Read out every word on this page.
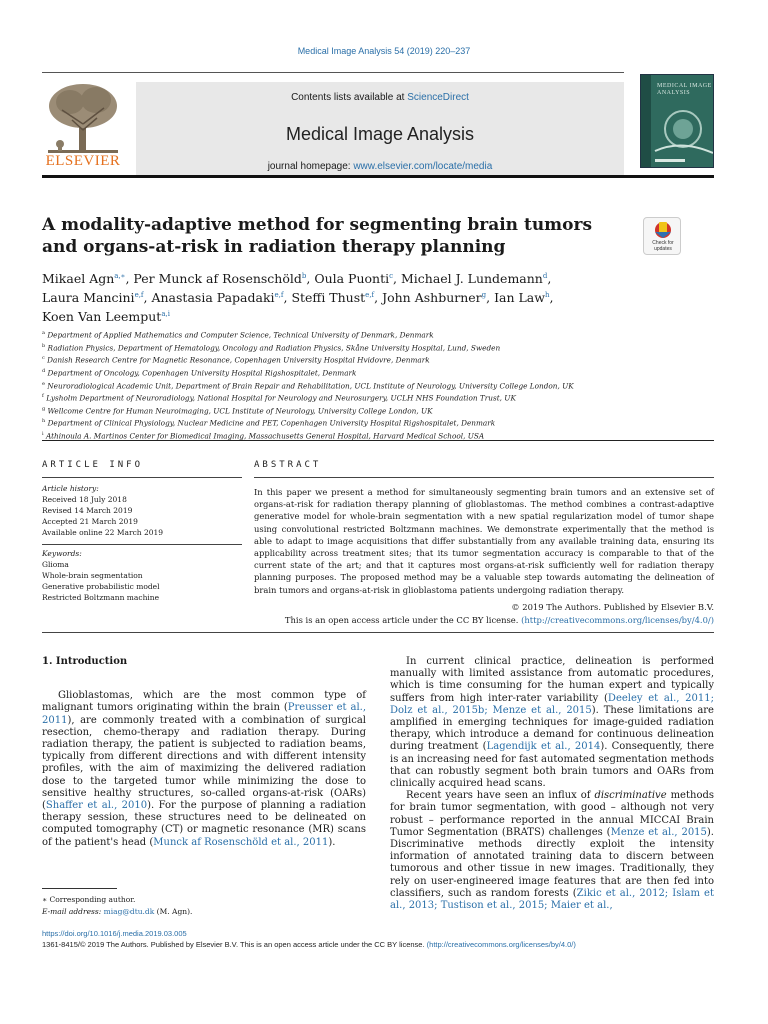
Medical Image Analysis 54 (2019) 220–237
ELSEVIER
Contents lists available at ScienceDirect
Medical Image Analysis
journal homepage: www.elsevier.com/locate/media
MEDICAL IMAGE ANALYSIS
A modality-adaptive method for segmenting brain tumors and organs-at-risk in radiation therapy planning	Check for updates
Mikael Agn$^{a,∗}$, Per Munck af Rosenschöld$^b$, Oula Puonti$^c$, Michael J. Lundemann$^d$,
Laura Mancini$^{e,f}$, Anastasia Papadaki$^{e,f}$, Steffi Thust$^{e,f}$, John Ashburner$^g$, Ian Law$^h$,
Koen Van Leemput$^{a,i}$
$^a$ Department of Applied Mathematics and Computer Science, Technical University of Denmark, Denmark
$^b$ Radiation Physics, Department of Hematology, Oncology and Radiation Physics, Skåne University Hospital, Lund, Sweden
$^c$ Danish Research Centre for Magnetic Resonance, Copenhagen University Hospital Hvidovre, Denmark
$^d$ Department of Oncology, Copenhagen University Hospital Rigshospitalet, Denmark
$^e$ Neuroradiological Academic Unit, Department of Brain Repair and Rehabilitation, UCL Institute of Neurology, University College London, UK
$^f$ Lysholm Department of Neuroradiology, National Hospital for Neurology and Neurosurgery, UCLH NHS Foundation Trust, UK
$^g$ Wellcome Centre for Human Neuroimaging, UCL Institute of Neurology, University College London, UK
$^h$ Department of Clinical Physiology, Nuclear Medicine and PET, Copenhagen University Hospital Rigshospitalet, Denmark
$^i$ Athinoula A. Martinos Center for Biomedical Imaging, Massachusetts General Hospital, Harvard Medical School, USA
ARTICLE INFO
Article history:
Received 18 July 2018
Revised 14 March 2019
Accepted 21 March 2019
Available online 22 March 2019
Keywords:
Glioma
Whole-brain segmentation
Generative probabilistic model
Restricted Boltzmann machine
ABSTRACT
In this paper we present a method for simultaneously segmenting brain tumors and an extensive set of organs-at-risk for radiation therapy planning of glioblastomas. The method combines a contrast-adaptive generative model for whole-brain segmentation with a new spatial regularization model of tumor shape using convolutional restricted Boltzmann machines. We demonstrate experimentally that the method is able to adapt to image acquisitions that differ substantially from any available training data, ensuring its applicability across treatment sites; that its tumor segmentation accuracy is comparable to that of the current state of the art; and that it captures most organs-at-risk sufficiently well for radiation therapy planning purposes. The proposed method may be a valuable step towards automating the delineation of brain tumors and organs-at-risk in glioblastoma patients undergoing radiation therapy.
© 2019 The Authors. Published by Elsevier B.V.
This is an open access article under the CC BY license. (http://creativecommons.org/licenses/by/4.0/)
1. Introduction

Glioblastomas, which are the most common type of malignant tumors originating within the brain (Preusser et al., 2011), are commonly treated with a combination of surgical resection, chemo-therapy and radiation therapy. During radiation therapy, the patient is subjected to radiation beams, typically from different directions and with different intensity profiles, with the aim of maximizing the delivered radiation dose to the targeted tumor while minimizing the dose to sensitive healthy structures, so-called organs-at-risk (OARs) (Shaffer et al., 2010). For the purpose of planning a radiation therapy session, these structures need to be delineated on computed tomography (CT) or magnetic resonance (MR) scans of the patient's head (Munck af Rosenschöld et al., 2011).

In current clinical practice, delineation is performed manually with limited assistance from automatic procedures, which is time consuming for the human expert and typically suffers from high inter-rater variability (Deeley et al., 2011; Dolz et al., 2015b; Menze et al., 2015). These limitations are amplified in emerging techniques for image-guided radiation therapy, which introduce a demand for continuous delineation during treatment (Lagendijk et al., 2014). Consequently, there is an increasing need for fast automated segmentation methods that can robustly segment both brain tumors and OARs from clinically acquired head scans.

Recent years have seen an influx of discriminative methods for brain tumor segmentation, with good – although not very robust – performance reported in the annual MICCAI Brain Tumor Segmentation (BRATS) challenges (Menze et al., 2015). Discriminative methods directly exploit the intensity information of annotated training data to discern between tumorous and other tissue in new images. Traditionally, they rely on user-engineered image features that are then fed into classifiers, such as random forests (Zikic et al., 2012; Islam et al., 2013; Tustison et al., 2015; Maier et al.,

∗ Corresponding author.
E-mail address: miag@dtu.dk (M. Agn).
https://doi.org/10.1016/j.media.2019.03.005
1361-8415/© 2019 The Authors. Published by Elsevier B.V. This is an open access article under the CC BY license. (http://creativecommons.org/licenses/by/4.0/)
